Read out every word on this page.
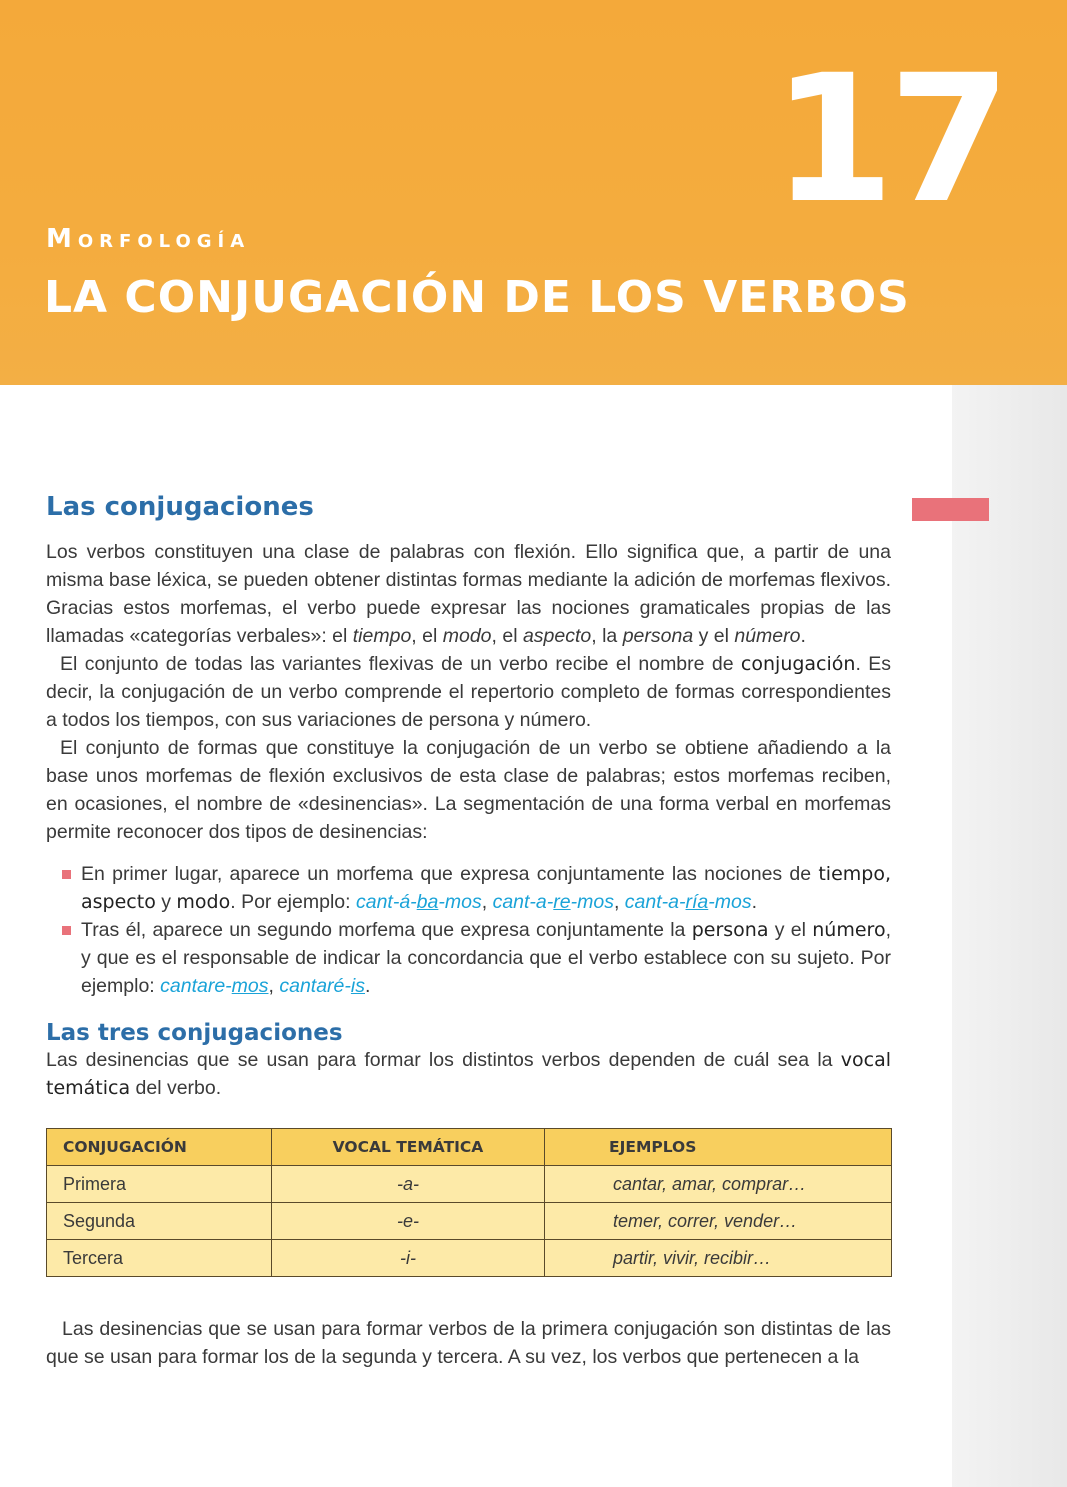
17
Morfología
LA CONJUGACIÓN DE LOS VERBOS
Las conjugaciones

Los verbos constituyen una clase de palabras con flexión. Ello significa que, a partir de una misma base léxica, se pueden obtener distintas formas mediante la adición de morfemas flexivos. Gracias estos morfemas, el verbo puede expresar las nociones gramaticales propias de las llamadas «categorías verbales»: el tiempo, el modo, el aspecto, la persona y el número.

El conjunto de todas las variantes flexivas de un verbo recibe el nombre de conjugación. Es decir, la conjugación de un verbo comprende el repertorio completo de formas correspondientes a todos los tiempos, con sus variaciones de persona y número.

El conjunto de formas que constituye la conjugación de un verbo se obtiene añadiendo a la base unos morfemas de flexión exclusivos de esta clase de palabras; estos morfemas reciben, en ocasiones, el nombre de «desinencias». La segmentación de una forma verbal en morfemas permite reconocer dos tipos de desinencias:

En primer lugar, aparece un morfema que expresa conjuntamente las nociones de tiempo, aspecto y modo. Por ejemplo: cant-á-ba-mos, cant-a-re-mos, cant-a-ría-mos.
Tras él, aparece un segundo morfema que expresa conjuntamente la persona y el número, y que es el responsable de indicar la concordancia que el verbo establece con su sujeto. Por ejemplo: cantare-mos, cantaré-is.
Las tres conjugaciones

Las desinencias que se usan para formar los distintos verbos dependen de cuál sea la vocal temática del verbo.

CONJUGACIÓN	VOCAL TEMÁTICA	EJEMPLOS
Primera	-a-	cantar, amar, comprar…
Segunda	-e-	temer, correr, vender…
Tercera	-i-	partir, vivir, recibir…

Las desinencias que se usan para formar verbos de la primera conjugación son distintas de las que se usan para formar los de la segunda y tercera. A su vez, los verbos que pertenecen a la
